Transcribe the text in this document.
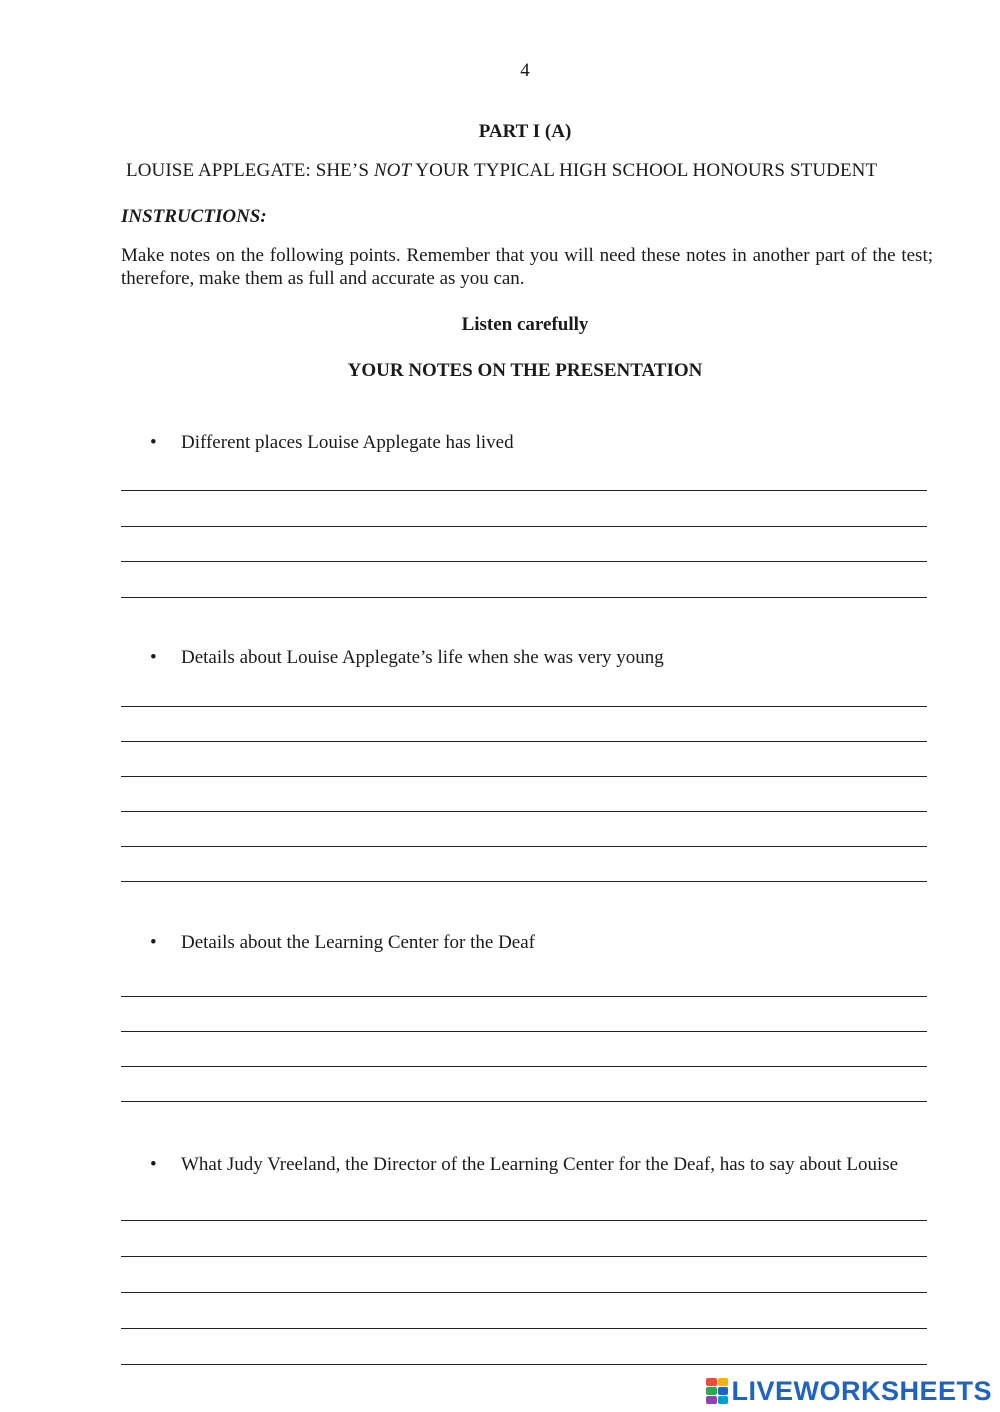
4
PART I (A)
LOUISE APPLEGATE: SHE’S NOT YOUR TYPICAL HIGH SCHOOL HONOURS STUDENT
INSTRUCTIONS:
Make notes on the following points. Remember that you will need these notes in another part of the test; therefore, make them as full and accurate as you can.
Listen carefully
YOUR NOTES ON THE PRESENTATION
•	Different places Louise Applegate has lived
•	Details about Louise Applegate’s life when she was very young
•	Details about the Learning Center for the Deaf
•	What Judy Vreeland, the Director of the Learning Center for the Deaf, has to say about Louise
LIVEWORKSHEETS
